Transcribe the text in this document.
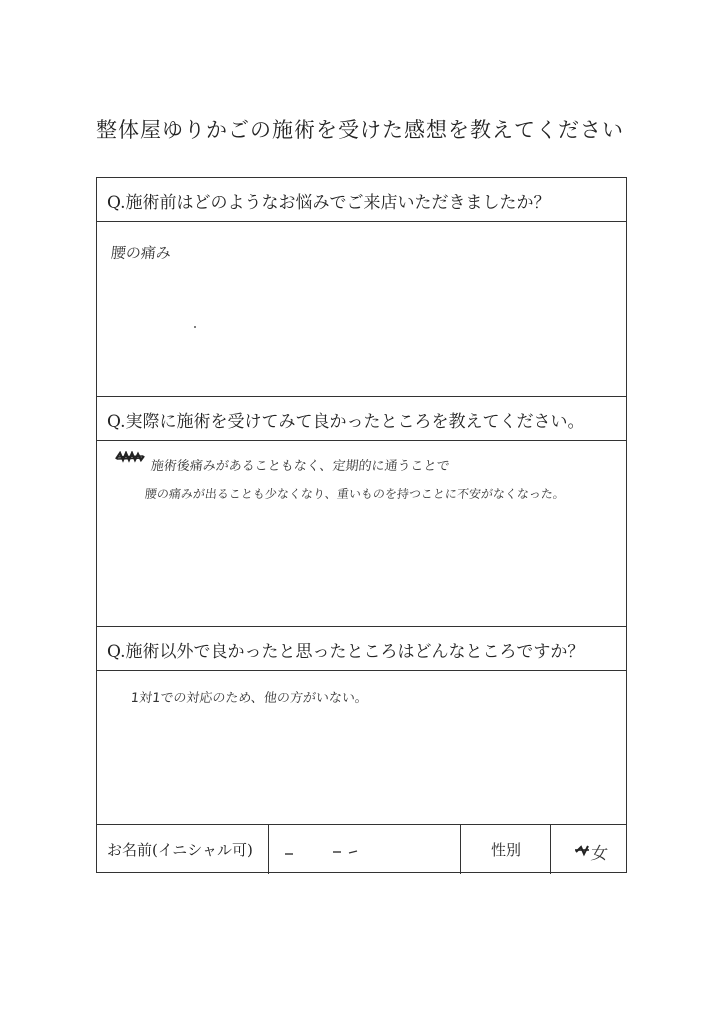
整体屋ゆりかごの施術を受けた感想を教えてください
Q.施術前はどのようなお悩みでご来店いただきましたか？
腰の痛み
Q.実際に施術を受けてみて良かったところを教えてください。
施術後痛みがあることもなく、定期的に通うことで
腰の痛みが出ることも少なくなり、重いものを持つことに不安がなくなった。
Q.施術以外で良かったと思ったところはどんなところですか？
1対1での対応のため、他の方がいない。
お名前(イニシャル可)	性別	女
